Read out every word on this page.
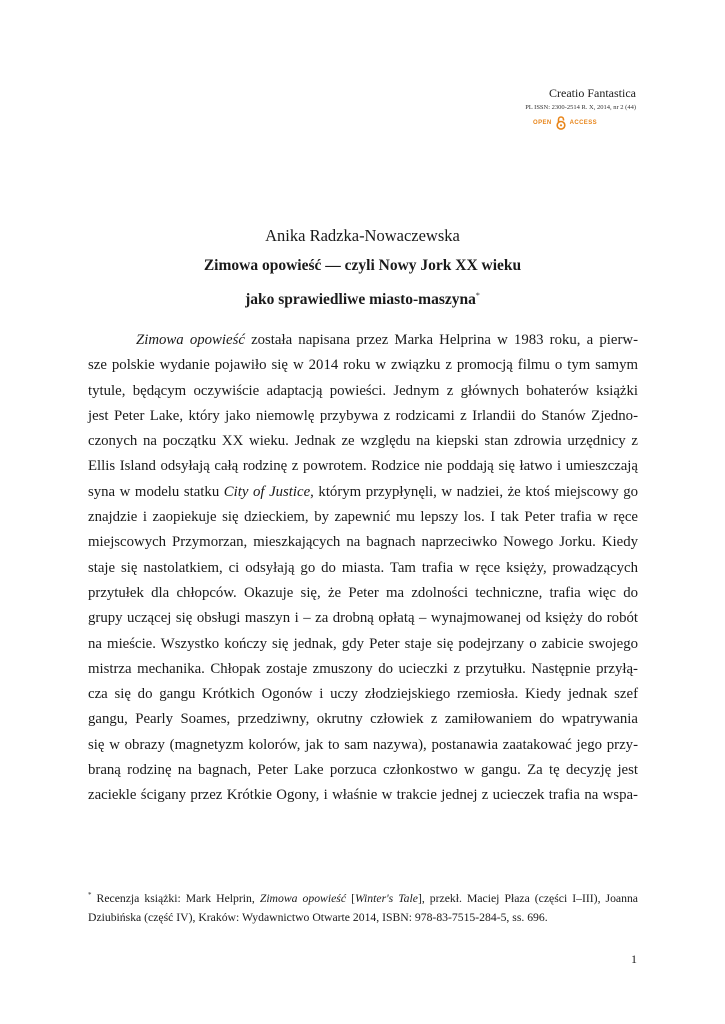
Creatio Fantastica
PL ISSN: 2300-2514 R. X, 2014, nr 2 (44)
OPEN	ACCESS
Anika Radzka-Nowaczewska
Zimowa opowieść — czyli Nowy Jork XX wieku
jako sprawiedliwe miasto-maszyna*
Zimowa opowieść została napisana przez Marka Helprina w 1983 roku, a pierw-
sze polskie wydanie pojawiło się w 2014 roku w związku z promocją filmu o tym samym
tytule, będącym oczywiście adaptacją powieści. Jednym z głównych bohaterów książki
jest Peter Lake, który jako niemowlę przybywa z rodzicami z Irlandii do Stanów Zjedno-
czonych na początku XX wieku. Jednak ze względu na kiepski stan zdrowia urzędnicy z
Ellis Island odsyłają całą rodzinę z powrotem. Rodzice nie poddają się łatwo i umieszczają
syna w modelu statku City of Justice, którym przypłynęli, w nadziei, że ktoś miejscowy go
znajdzie i zaopiekuje się dzieckiem, by zapewnić mu lepszy los. I tak Peter trafia w ręce
miejscowych Przymorzan, mieszkających na bagnach naprzeciwko Nowego Jorku. Kiedy
staje się nastolatkiem, ci odsyłają go do miasta. Tam trafia w ręce księży, prowadzących
przytułek dla chłopców. Okazuje się, że Peter ma zdolności techniczne, trafia więc do
grupy uczącej się obsługi maszyn i – za drobną opłatą – wynajmowanej od księży do robót
na mieście. Wszystko kończy się jednak, gdy Peter staje się podejrzany o zabicie swojego
mistrza mechanika. Chłopak zostaje zmuszony do ucieczki z przytułku. Następnie przyłą-
cza się do gangu Krótkich Ogonów i uczy złodziejskiego rzemiosła. Kiedy jednak szef
gangu, Pearly Soames, przedziwny, okrutny człowiek z zamiłowaniem do wpatrywania
się w obrazy (magnetyzm kolorów, jak to sam nazywa), postanawia zaatakować jego przy-
braną rodzinę na bagnach, Peter Lake porzuca członkostwo w gangu. Za tę decyzję jest
zaciekle ścigany przez Krótkie Ogony, i właśnie w trakcie jednej z ucieczek trafia na wspa-
* Recenzja książki: Mark Helprin, Zimowa opowieść [Winter's Tale], przekł. Maciej Płaza (części I–III), Joanna
Dziubińska (część IV), Kraków: Wydawnictwo Otwarte 2014, ISBN: 978-83-7515-284-5, ss. 696.
1
